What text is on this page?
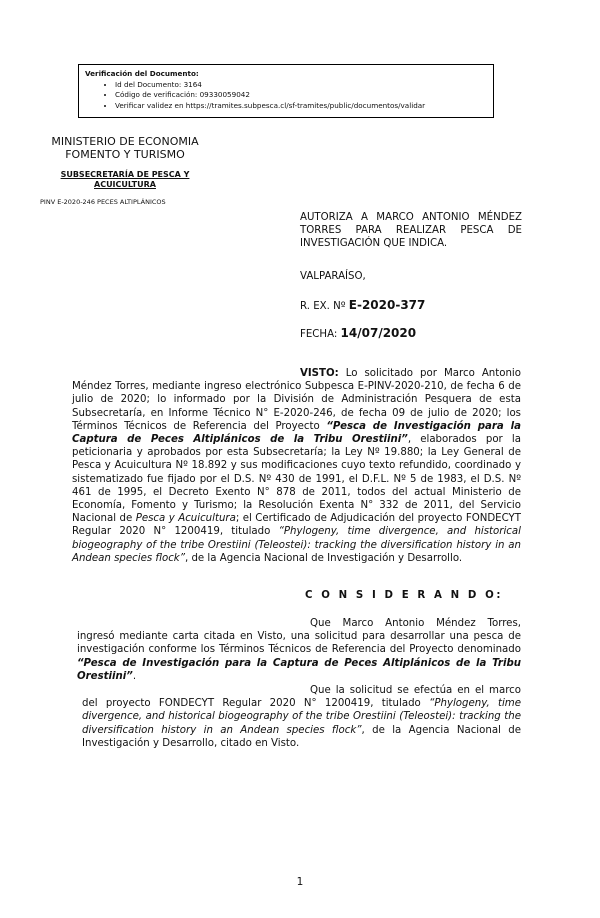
Verificación del Documento:
• Id del Documento: 3164
• Código de verificación: 09330059042
• Verificar validez en https://tramites.subpesca.cl/sf-tramites/public/documentos/validar
MINISTERIO DE ECONOMIA
FOMENTO Y TURISMO
SUBSECRETARÍA DE PESCA Y ACUICULTURA
PINV E-2020-246 PECES ALTIPLÁNICOS
AUTORIZA A MARCO ANTONIO MÉNDEZ TORRES PARA REALIZAR PESCA DE INVESTIGACIÓN QUE INDICA.
VALPARAÍSO,
R. EX. Nº E-2020-377
FECHA: 14/07/2020
VISTO: Lo solicitado por Marco Antonio Méndez Torres, mediante ingreso electrónico Subpesca E-PINV-2020-210, de fecha 6 de julio de 2020; lo informado por la División de Administración Pesquera de esta Subsecretaría, en Informe Técnico N° E-2020-246, de fecha 09 de julio de 2020; los Términos Técnicos de Referencia del Proyecto “Pesca de Investigación para la Captura de Peces Altiplánicos de la Tribu Orestiini”, elaborados por la peticionaria y aprobados por esta Subsecretaría; la Ley Nº 19.880; la Ley General de Pesca y Acuicultura Nº 18.892 y sus modificaciones cuyo texto refundido, coordinado y sistematizado fue fijado por el D.S. Nº 430 de 1991, el D.F.L. Nº 5 de 1983, el D.S. Nº 461 de 1995, el Decreto Exento N° 878 de 2011, todos del actual Ministerio de Economía, Fomento y Turismo; la Resolución Exenta N° 332 de 2011, del Servicio Nacional de Pesca y Acuicultura; el Certificado de Adjudicación del proyecto FONDECYT Regular 2020 N° 1200419, titulado “Phylogeny, time divergence, and historical biogeography of the tribe Orestiini (Teleostei): tracking the diversification history in an Andean species flock”, de la Agencia Nacional de Investigación y Desarrollo.
C O N S I D E R A N D O:
Que Marco Antonio Méndez Torres, ingresó mediante carta citada en Visto, una solicitud para desarrollar una pesca de investigación conforme los Términos Técnicos de Referencia del Proyecto denominado “Pesca de Investigación para la Captura de Peces Altiplánicos de la Tribu Orestiini”.
Que la solicitud se efectúa en el marco del proyecto FONDECYT Regular 2020 N° 1200419, titulado “Phylogeny, time divergence, and historical biogeography of the tribe Orestiini (Teleostei): tracking the diversification history in an Andean species flock”, de la Agencia Nacional de Investigación y Desarrollo, citado en Visto.
1
